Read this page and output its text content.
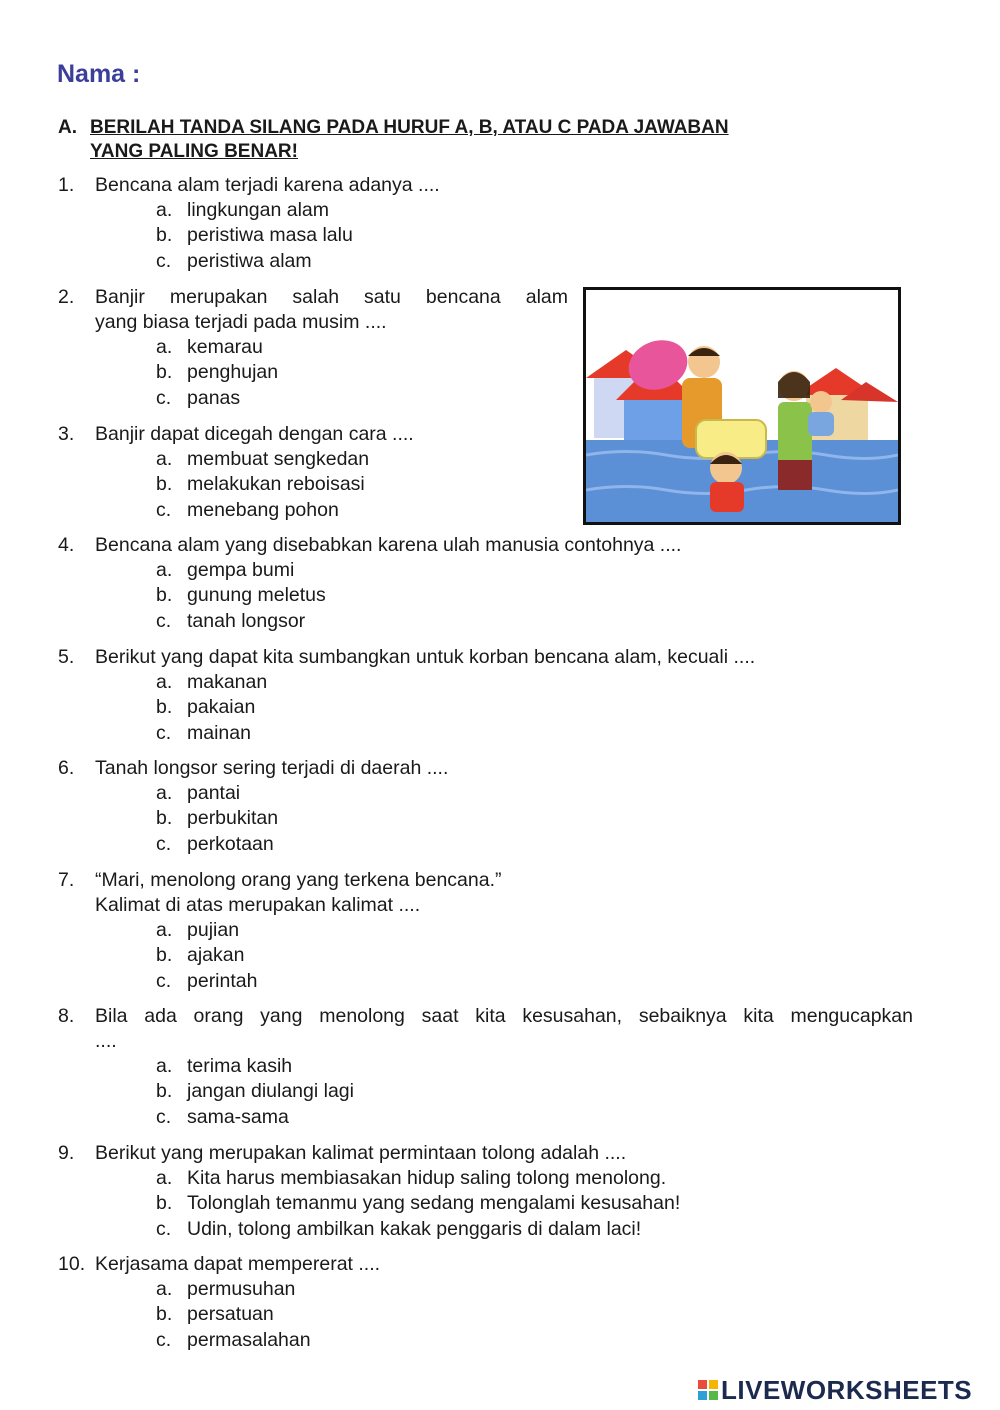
Nama :
A. BERILAH TANDA SILANG PADA HURUF A, B, ATAU C PADA JAWABAN
YANG PALING BENAR!
1.	Bencana alam terjadi karena adanya ....
a. lingkungan alam
b. peristiwa masa lalu
c. peristiwa alam
2.	Banjir merupakan salah satu bencana alam
yang biasa terjadi pada musim ....
a. kemarau
b. penghujan
c. panas
3.	Banjir dapat dicegah dengan cara ....
a. membuat sengkedan
b. melakukan reboisasi
c. menebang pohon
4.	Bencana alam yang disebabkan karena ulah manusia contohnya ....
a. gempa bumi
b. gunung meletus
c. tanah longsor
5.	Berikut yang dapat kita sumbangkan untuk korban bencana alam, kecuali ....
a. makanan
b. pakaian
c. mainan
6.	Tanah longsor sering terjadi di daerah ....
a. pantai
b. perbukitan
c. perkotaan
7.	“Mari, menolong orang yang terkena bencana.”
Kalimat di atas merupakan kalimat ....
a. pujian
b. ajakan
c. perintah
8.	Bila ada orang yang menolong saat kita kesusahan, sebaiknya kita mengucapkan
....
a. terima kasih
b. jangan diulangi lagi
c. sama-sama
9.	Berikut yang merupakan kalimat permintaan tolong adalah ....
a. Kita harus membiasakan hidup saling tolong menolong.
b. Tolonglah temanmu yang sedang mengalami kesusahan!
c. Udin, tolong ambilkan kakak penggaris di dalam laci!
10. Kerjasama dapat mempererat ....
a. permusuhan
b. persatuan
c. permasalahan
LIVEWORKSHEETS
